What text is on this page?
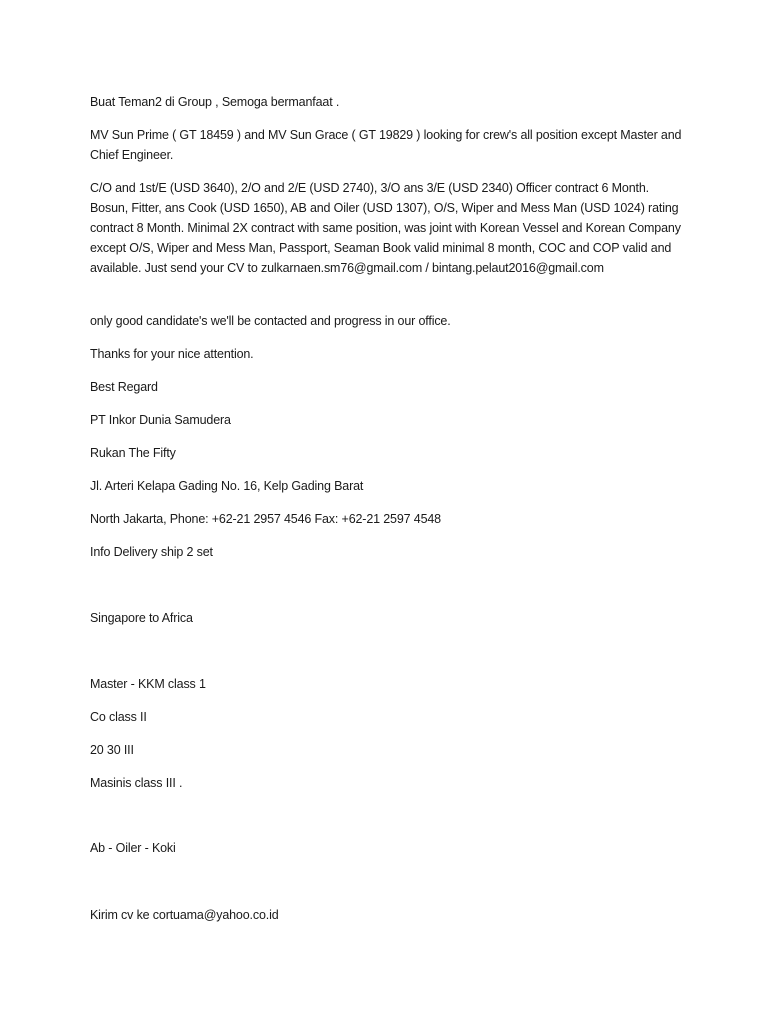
Buat Teman2 di Group , Semoga bermanfaat .
MV Sun Prime ( GT 18459 ) and MV Sun Grace ( GT 19829 ) looking for crew's all position except Master and Chief Engineer.
C/O and 1st/E (USD 3640), 2/O and 2/E (USD 2740), 3/O ans 3/E (USD 2340) Officer contract 6 Month. Bosun, Fitter, ans Cook (USD 1650), AB and Oiler (USD 1307), O/S, Wiper and Mess Man (USD 1024) rating contract 8 Month. Minimal 2X contract with same position, was joint with Korean Vessel and Korean Company except O/S, Wiper and Mess Man, Passport, Seaman Book valid minimal 8 month, COC and COP valid and available. Just send your CV to zulkarnaen.sm76@gmail.com / bintang.pelaut2016@gmail.com
only good candidate's we'll be contacted and progress in our office.
Thanks for your nice attention.
Best Regard
PT Inkor Dunia Samudera
Rukan The Fifty
Jl. Arteri Kelapa Gading No. 16, Kelp Gading Barat
North Jakarta, Phone: +62-21 2957 4546 Fax: +62-21 2597 4548
Info Delivery ship 2 set
Singapore to Africa
Master - KKM class 1
Co class II
20 30 III
Masinis class III .
Ab - Oiler - Koki
Kirim cv ke cortuama@yahoo.co.id
